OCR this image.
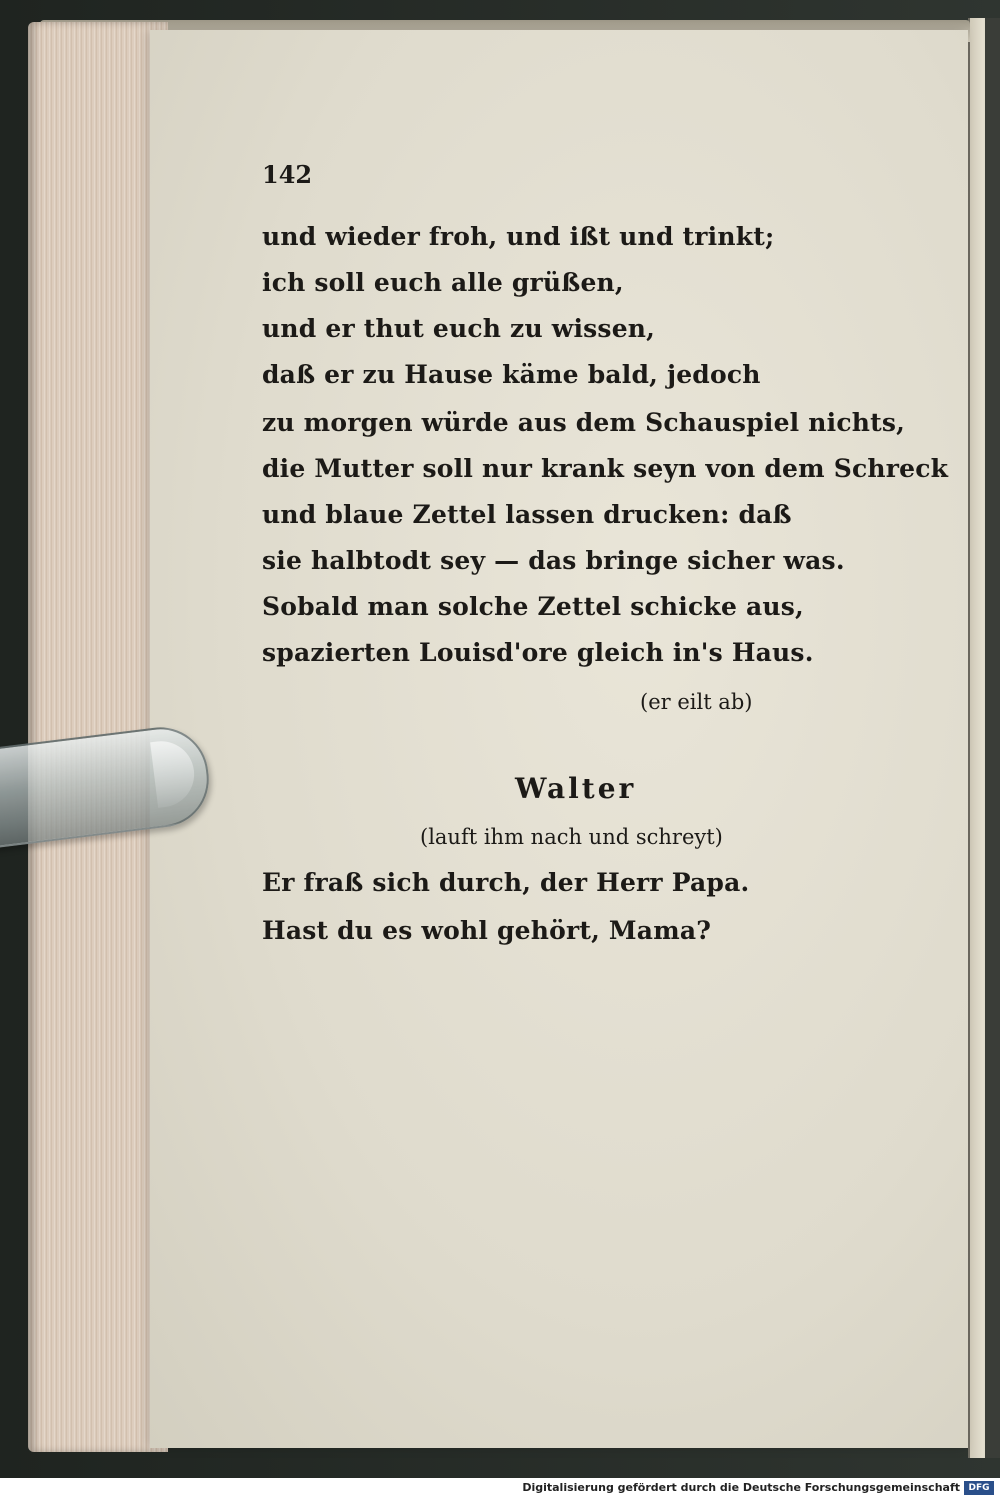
142
und wieder froh, und ißt und trinkt;
ich soll euch alle grüßen,
und er thut euch zu wissen,
daß er zu Hause käme bald, jedoch
zu morgen würde aus dem Schauspiel nichts,
die Mutter soll nur krank seyn von dem Schreck
und blaue Zettel lassen drucken: daß
sie halbtodt sey — das bringe sicher was.
Sobald man solche Zettel schicke aus,
spazierten Louisd'ore gleich in's Haus.
(er eilt ab)
Walter
(lauft ihm nach und schreyt)
Er fraß sich durch, der Herr Papa.
Hast du es wohl gehört, Mama?
Digitalisierung gefördert durch die Deutsche Forschungsgemeinschaft DFG
